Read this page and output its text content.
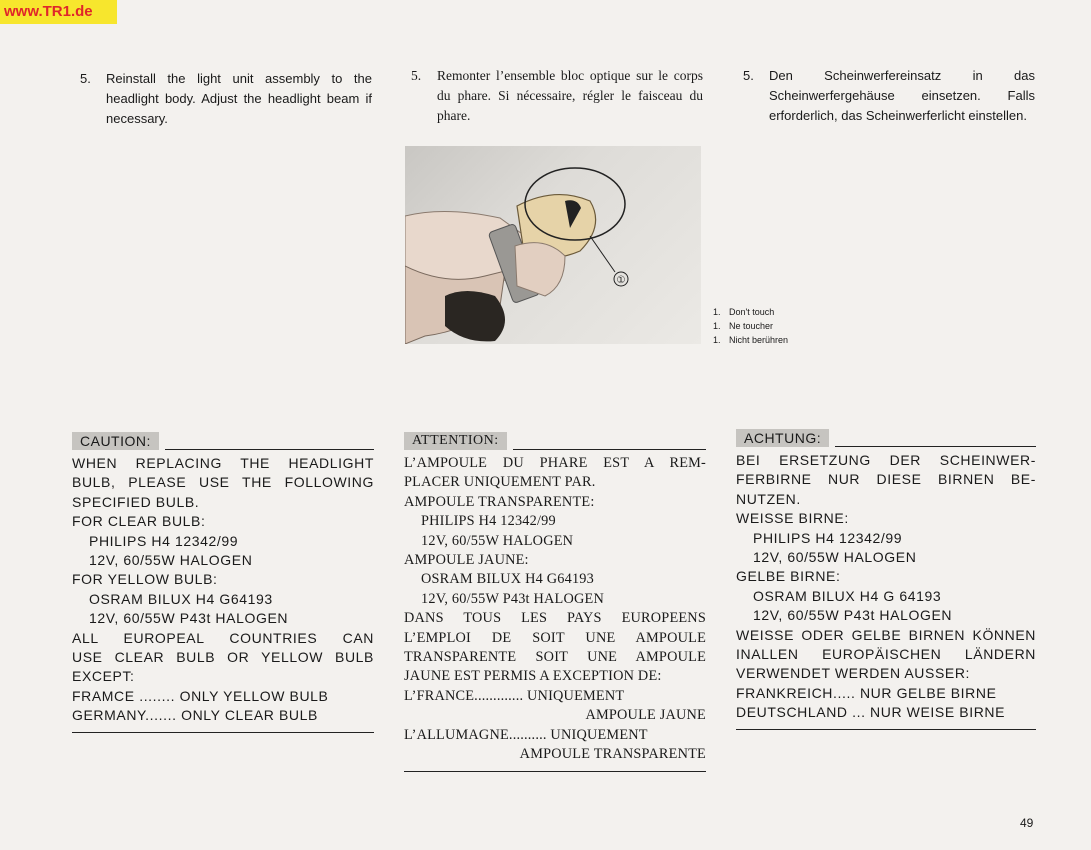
www.TR1.de
5. Reinstall the light unit assembly to the headlight body. Adjust the headlight beam if necessary.
5. Remonter l’ensemble bloc optique sur le corps du phare. Si nécessaire, régler le faisceau du phare.
5. Den Scheinwerfereinsatz in das Scheinwerfergehäuse einsetzen. Falls erforderlich, das Scheinwerferlicht einstellen.
①
1. Don't touch
1. Ne toucher
1. Nicht berühren
CAUTION:
WHEN REPLACING THE HEADLIGHT
BULB, PLEASE USE THE FOLLOWING
SPECIFIED BULB.
FOR CLEAR BULB:
PHILIPS H4 12342/99
12V, 60/55W HALOGEN
FOR YELLOW BULB:
OSRAM BILUX H4 G64193
12V, 60/55W P43t HALOGEN
ALL EUROPEAL COUNTRIES CAN
USE CLEAR BULB OR YELLOW BULB
EXCEPT:
FRAMCE ........ ONLY YELLOW BULB
GERMANY....... ONLY CLEAR BULB
ATTENTION:
L’AMPOULE DU PHARE EST A REM-
PLACER UNIQUEMENT PAR.
AMPOULE TRANSPARENTE:
PHILIPS H4 12342/99
12V, 60/55W HALOGEN
AMPOULE JAUNE:
OSRAM BILUX H4 G64193
12V, 60/55W P43t HALOGEN
DANS TOUS LES PAYS EUROPEENS
L’EMPLOI DE SOIT UNE AMPOULE
TRANSPARENTE SOIT UNE AMPOULE
JAUNE EST PERMIS A EXCEPTION DE:
L’FRANCE............. UNIQUEMENT
AMPOULE JAUNE
L’ALLUMAGNE.......... UNIQUEMENT
AMPOULE TRANSPARENTE
ACHTUNG:
BEI ERSETZUNG DER SCHEINWER-
FERBIRNE NUR DIESE BIRNEN BE-
NUTZEN.
WEISSE BIRNE:
PHILIPS H4 12342/99
12V, 60/55W HALOGEN
GELBE BIRNE:
OSRAM BILUX H4 G 64193
12V, 60/55W P43t HALOGEN
WEISSE ODER GELBE BIRNEN KÖNNEN
INALLEN EUROPÄISCHEN LÄNDERN
VERWENDET WERDEN AUSSER:
FRANKREICH..... NUR GELBE BIRNE
DEUTSCHLAND ... NUR WEISE BIRNE
49
